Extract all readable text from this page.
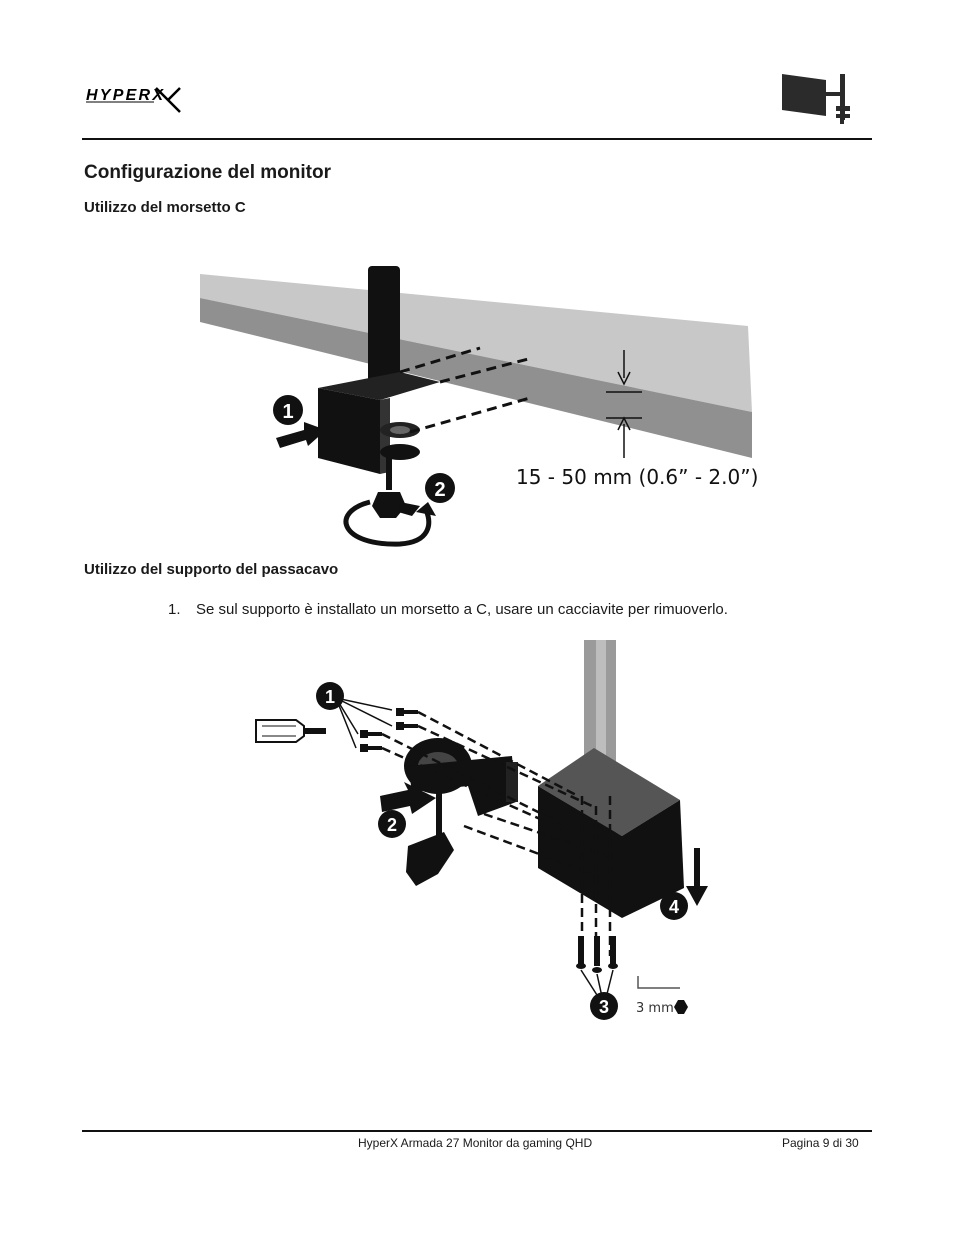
HYPERX
Configurazione del monitor
Utilizzo del morsetto C
15 - 50 mm (0.6” - 2.0”)
1
2
Utilizzo del supporto del passacavo
1. Se sul supporto è installato un morsetto a C, usare un cacciavite per rimuoverlo.
1
2
3
4
3 mm
HyperX Armada 27 Monitor da gaming QHD	Pagina 9 di 30
